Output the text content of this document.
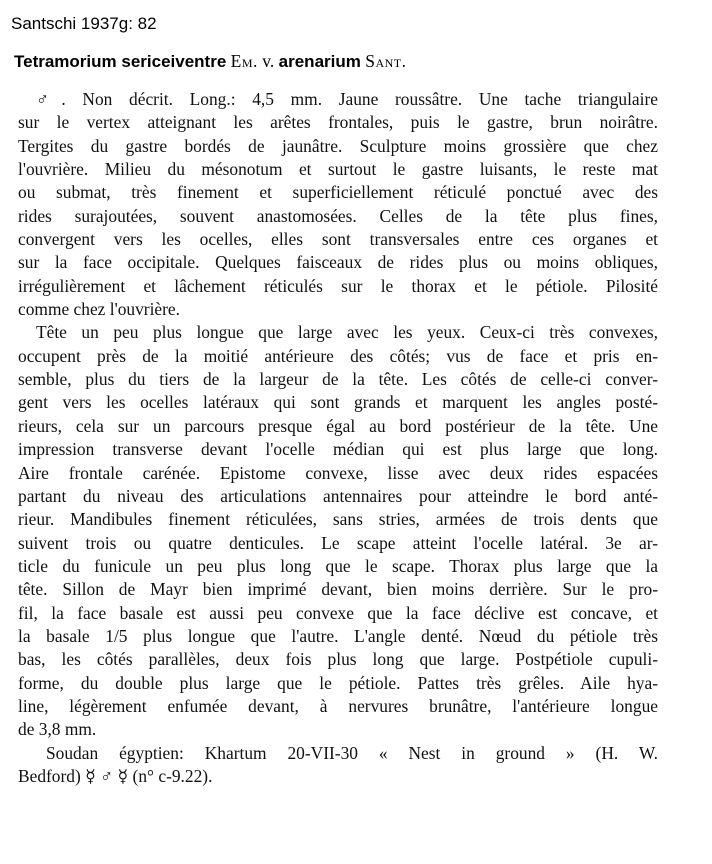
Santschi 1937g: 82
Tetramorium sericeiventre Em. v. arenarium Sant.
♂. Non décrit. Long.: 4,5 mm. Jaune roussâtre. Une tache triangulaire
sur le vertex atteignant les arêtes frontales, puis le gastre, brun noirâtre.
Tergites du gastre bordés de jaunâtre. Sculpture moins grossière que chez
l'ouvrière. Milieu du mésonotum et surtout le gastre luisants, le reste mat
ou submat, très finement et superficiellement réticulé ponctué avec des
rides surajoutées, souvent anastomosées. Celles de la tête plus fines,
convergent vers les ocelles, elles sont transversales entre ces organes et
sur la face occipitale. Quelques faisceaux de rides plus ou moins obliques,
irrégulièrement et lâchement réticulés sur le thorax et le pétiole. Pilosité
comme chez l'ouvrière.
Tête un peu plus longue que large avec les yeux. Ceux-ci très convexes,
occupent près de la moitié antérieure des côtés; vus de face et pris en-
semble, plus du tiers de la largeur de la tête. Les côtés de celle-ci conver-
gent vers les ocelles latéraux qui sont grands et marquent les angles posté-
rieurs, cela sur un parcours presque égal au bord postérieur de la tête. Une
impression transverse devant l'ocelle médian qui est plus large que long.
Aire frontale carénée. Epistome convexe, lisse avec deux rides espacées
partant du niveau des articulations antennaires pour atteindre le bord anté-
rieur. Mandibules finement réticulées, sans stries, armées de trois dents que
suivent trois ou quatre denticules. Le scape atteint l'ocelle latéral. 3e ar-
ticle du funicule un peu plus long que le scape. Thorax plus large que la
tête. Sillon de Mayr bien imprimé devant, bien moins derrière. Sur le pro-
fil, la face basale est aussi peu convexe que la face déclive est concave, et
la basale 1/5 plus longue que l'autre. L'angle denté. Nœud du pétiole très
bas, les côtés parallèles, deux fois plus long que large. Postpétiole cupuli-
forme, du double plus large que le pétiole. Pattes très grêles. Aile hya-
line, légèrement enfumée devant, à nervures brunâtre, l'antérieure longue
de 3,8 mm.
Soudan égyptien: Khartum 20-VII-30 « Nest in ground » (H. W.
Bedford) ☿ ♂ ☿ (n° c-9.22).
